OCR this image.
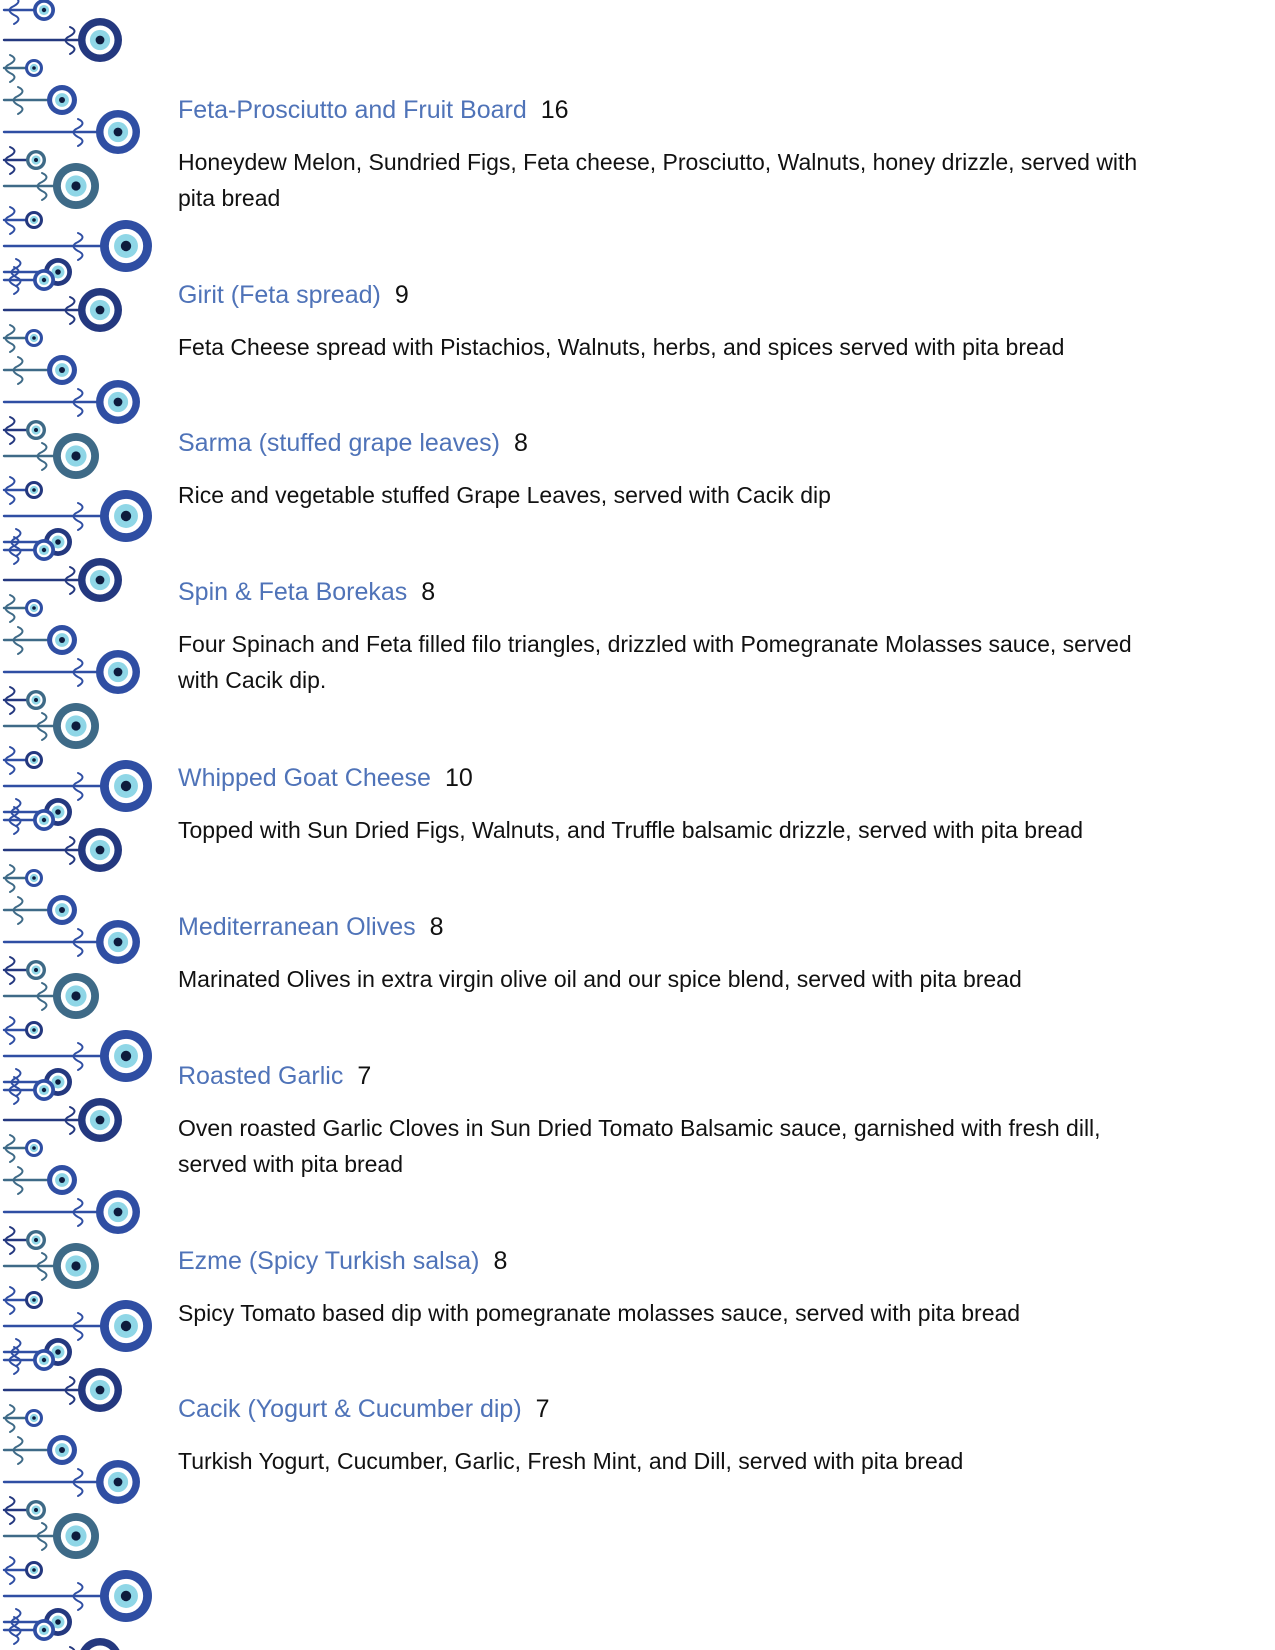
Feta-Prosciutto and Fruit Board 16
Honeydew Melon, Sundried Figs, Feta cheese, Prosciutto, Walnuts, honey drizzle, served with pita bread
Girit (Feta spread) 9
Feta Cheese spread with Pistachios, Walnuts, herbs, and spices served with pita bread
Sarma (stuffed grape leaves) 8
Rice and vegetable stuffed Grape Leaves, served with Cacik dip
Spin & Feta Borekas 8
Four Spinach and Feta filled filo triangles, drizzled with Pomegranate Molasses sauce, served with Cacik dip.
Whipped Goat Cheese 10
Topped with Sun Dried Figs, Walnuts, and Truffle balsamic drizzle, served with pita bread
Mediterranean Olives 8
Marinated Olives in extra virgin olive oil and our spice blend, served with pita bread
Roasted Garlic 7
Oven roasted Garlic Cloves in Sun Dried Tomato Balsamic sauce, garnished with fresh dill, served with pita bread
Ezme (Spicy Turkish salsa) 8
Spicy Tomato based dip with pomegranate molasses sauce, served with pita bread
Cacik (Yogurt & Cucumber dip) 7
Turkish Yogurt, Cucumber, Garlic, Fresh Mint, and Dill, served with pita bread
